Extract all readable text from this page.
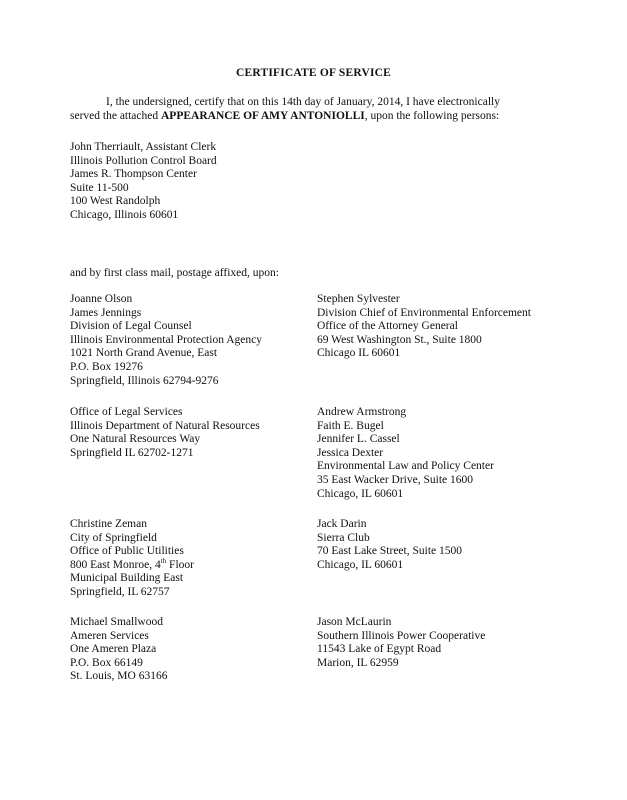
CERTIFICATE OF SERVICE
I, the undersigned, certify that on this 14th day of January, 2014, I have electronically
served the attached APPEARANCE OF AMY ANTONIOLLI, upon the following persons:
John Therriault, Assistant Clerk
Illinois Pollution Control Board
James R. Thompson Center
Suite 11-500
100 West Randolph
Chicago, Illinois 60601
and by first class mail, postage affixed, upon:
Joanne Olson
James Jennings
Division of Legal Counsel
Illinois Environmental Protection Agency
1021 North Grand Avenue, East
P.O. Box 19276
Springfield, Illinois 62794-9276
Stephen Sylvester
Division Chief of Environmental Enforcement
Office of the Attorney General
69 West Washington St., Suite 1800
Chicago IL 60601
Office of Legal Services
Illinois Department of Natural Resources
One Natural Resources Way
Springfield IL 62702-1271
Andrew Armstrong
Faith E. Bugel
Jennifer L. Cassel
Jessica Dexter
Environmental Law and Policy Center
35 East Wacker Drive, Suite 1600
Chicago, IL 60601
Christine Zeman
City of Springfield
Office of Public Utilities
800 East Monroe, 4th Floor
Municipal Building East
Springfield, IL 62757
Jack Darin
Sierra Club
70 East Lake Street, Suite 1500
Chicago, IL 60601
Michael Smallwood
Ameren Services
One Ameren Plaza
P.O. Box 66149
St. Louis, MO 63166
Jason McLaurin
Southern Illinois Power Cooperative
11543 Lake of Egypt Road
Marion, IL 62959
